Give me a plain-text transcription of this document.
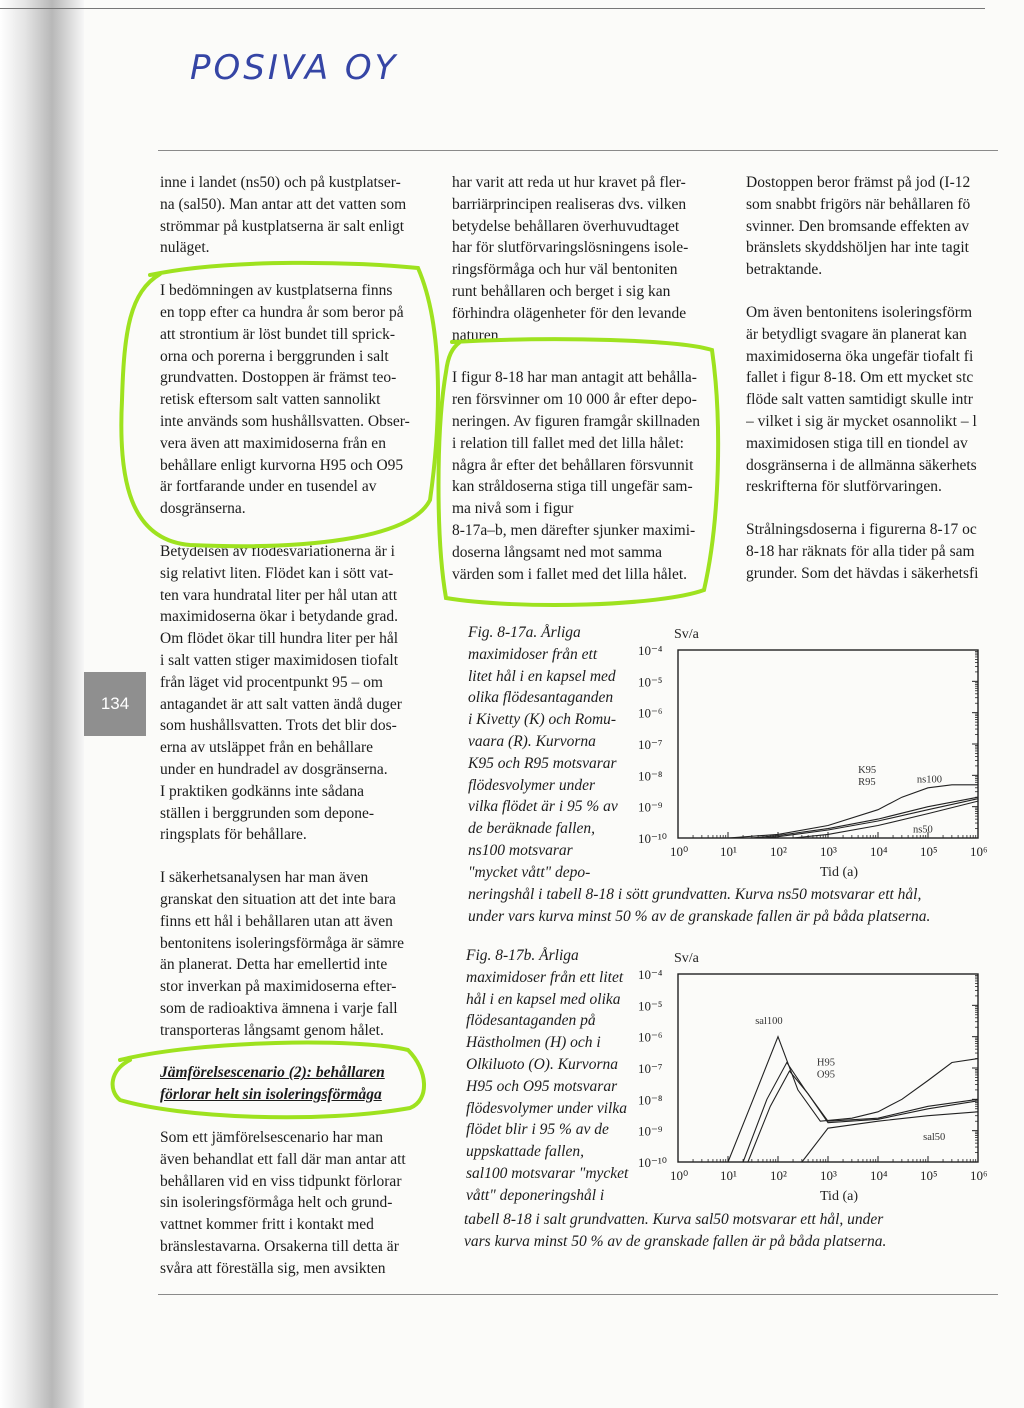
134
POSIVA OY

inne i landet (ns50) och på kustplatser-
na (sal50). Man antar att det vatten som
strömmar på kustplatserna är salt enligt
nuläget.

I bedömningen av kustplatserna finns
en topp efter ca hundra år som beror på
att strontium är löst bundet till sprick-
orna och porerna i berggrunden i salt
grundvatten. Dostoppen är främst teo-
retisk eftersom salt vatten sannolikt
inte används som hushållsvatten. Obser-
vera även att maximidoserna från en
behållare enligt kurvorna H95 och O95
är fortfarande under en tusendel av
dosgränserna.

Betydelsen av flödesvariationerna är i
sig relativt liten. Flödet kan i sött vat-
ten vara hundratal liter per hål utan att
maximidoserna ökar i betydande grad.
Om flödet ökar till hundra liter per hål
i salt vatten stiger maximidosen tiofalt
från läget vid procentpunkt 95 – om
antagandet är att salt vatten ändå duger
som hushållsvatten. Trots det blir dos-
erna av utsläppet från en behållare
under en hundradel av dosgränserna.
I praktiken godkänns inte sådana
ställen i berggrunden som depone-
ringsplats för behållare.

I säkerhetsanalysen har man även
granskat den situation att det inte bara
finns ett hål i behållaren utan att även
bentonitens isoleringsförmåga är sämre
än planerat. Detta har emellertid inte
stor inverkan på maximidoserna efter-
som de radioaktiva ämnena i varje fall
transporteras långsamt genom hålet.

Jämförelsescenario (2): behållaren
förlorar helt sin isoleringsförmåga

Som ett jämförelsescenario har man
även behandlat ett fall där man antar att
behållaren vid en viss tidpunkt förlorar
sin isoleringsförmåga helt och grund-
vattnet kommer fritt i kontakt med
bränslestavarna. Orsakerna till detta är
svåra att föreställa sig, men avsikten

har varit att reda ut hur kravet på fler-
barriärprincipen realiseras dvs. vilken
betydelse behållaren överhuvudtaget
har för slutförvaringslösningens isole-
ringsförmåga och hur väl bentoniten
runt behållaren och berget i sig kan
förhindra olägenheter för den levande
naturen.

I figur 8-18 har man antagit att behålla-
ren försvinner om 10 000 år efter depo-
neringen. Av figuren framgår skillnaden
i relation till fallet med det lilla hålet:
några år efter det behållaren försvunnit
kan stråldoserna stiga till ungefär sam-
ma nivå som i figur
8-17a–b, men därefter sjunker maximi-
doserna långsamt ned mot samma
värden som i fallet med det lilla hålet.

Dostoppen beror främst på jod (I-12
som snabbt frigörs när behållaren fö
svinner. Den bromsande effekten av
bränslets skyddshöljen har inte tagit
betraktande.

Om även bentonitens isoleringsförm
är betydligt svagare än planerat kan
maximidoserna öka ungefär tiofalt fi
fallet i figur 8-18. Om ett mycket stc
flöde salt vatten samtidigt skulle intr
– vilket i sig är mycket osannolikt – l
maximidosen stiga till en tiondel av
dosgränserna i de allmänna säkerhets
reskrifterna för slutförvaringen.

Strålningsdoserna i figurerna 8-17 oc
8-18 har räknats för alla tider på sam
grunder. Som det hävdas i säkerhetsfi

Fig. 8-17a. Årliga
maximidoser från ett
litet hål i en kapsel med
olika flödesantaganden
i Kivetty (K) och Romu-
vaara (R). Kurvorna
K95 och R95 motsvarar
flödesvolymer under
vilka flödet är i 95 % av
de beräknade fallen,
ns100 motsvarar
"mycket vått" depo-
neringshål i tabell 8-18 i sött grundvatten. Kurva ns50 motsvarar ett hål,
under vars kurva minst 50 % av de granskade fallen är på båda platserna.
Fig. 8-17b. Årliga
maximidoser från ett litet
hål i en kapsel med olika
flödesantaganden på
Hästholmen (H) och i
Olkiluoto (O). Kurvorna
H95 och O95 motsvarar
flödesvolymer under vilka
flödet blir i 95 % av de
uppskattade fallen,
sal100 motsvarar "mycket
vått" deponeringshål i
tabell 8-18 i salt grundvatten. Kurva sal50 motsvarar ett hål, under
vars kurva minst 50 % av de granskade fallen är på båda platserna.
Sv/a
Tid (a)
10⁰ 10¹	10²	10³	10⁴ 10⁵ 10⁶
10⁻⁴
10⁻⁵
10⁻⁶
10⁻⁷
10⁻⁸
10⁻⁹
10⁻¹⁰
ns100
K95
R95
ns50
Sv/a
Tid (a)
10⁰ 10¹	10²	10³	10⁴ 10⁵ 10⁶
10⁻⁴
10⁻⁵
10⁻⁶
10⁻⁷
10⁻⁸
10⁻⁹
10⁻¹⁰
sal100
H95
O95
sal50
